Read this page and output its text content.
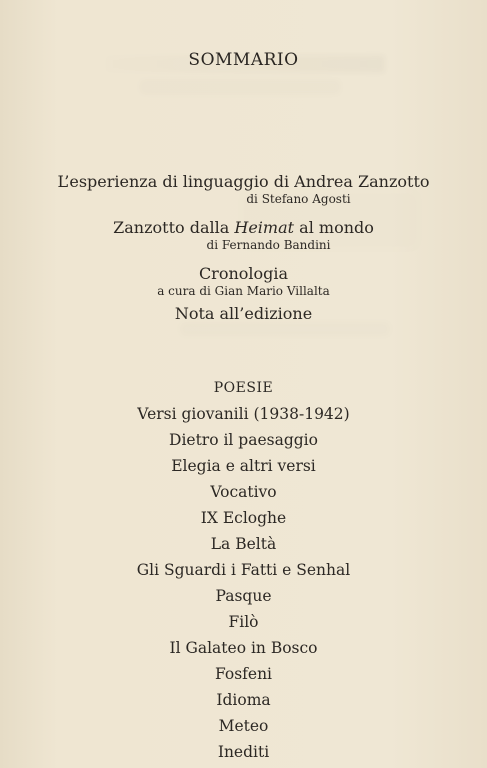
SOMMARIO
L’esperienza di linguaggio di Andrea Zanzotto
di Stefano Agosti
Zanzotto dalla Heimat al mondo
di Fernando Bandini
Cronologia
a cura di Gian Mario Villalta
Nota all’edizione
POESIE
Versi giovanili (1938-1942)
Dietro il paesaggio
Elegia e altri versi
Vocativo
IX Ecloghe
La Beltà
Gli Sguardi i Fatti e Senhal
Pasque
Filò
Il Galateo in Bosco
Fosfeni
Idioma
Meteo
Inediti
